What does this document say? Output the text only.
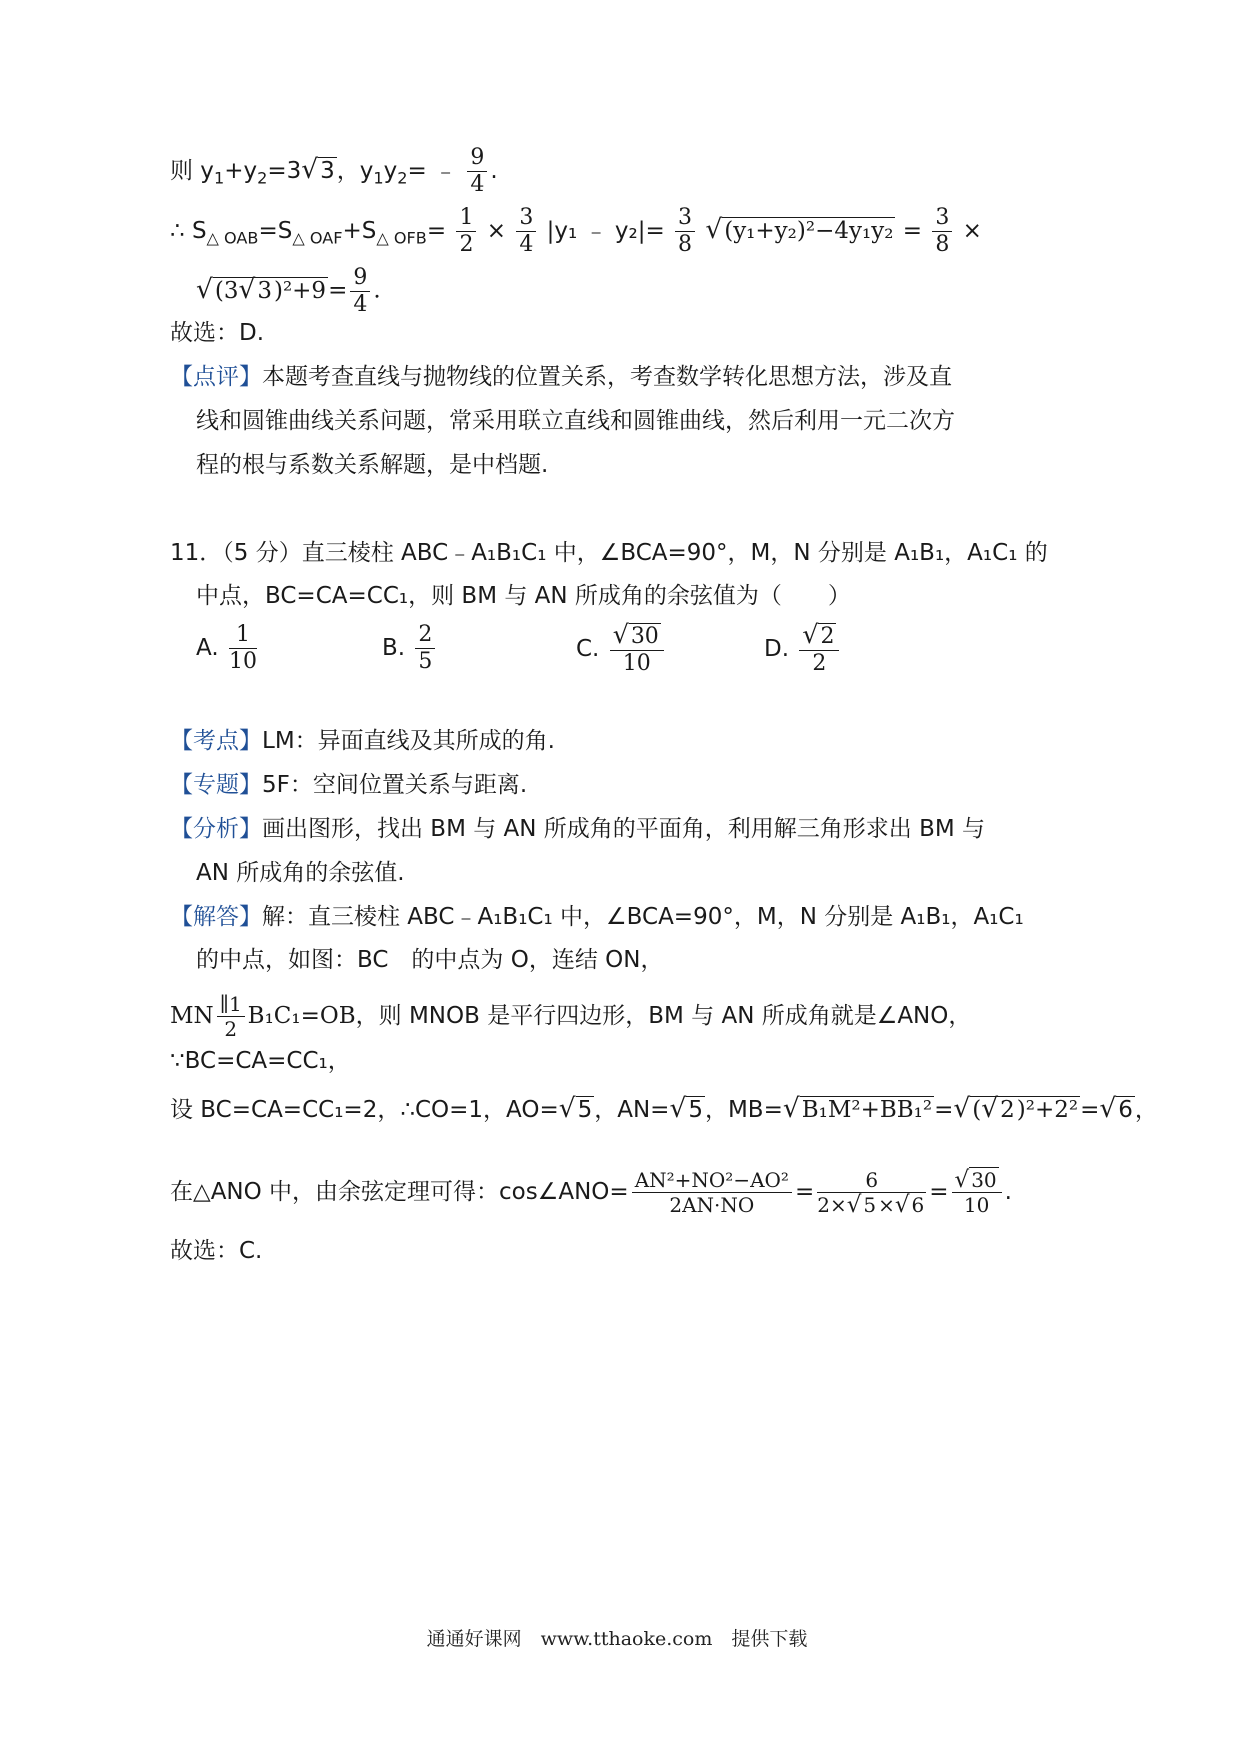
则 $y_1+y_2=3√3$，$y_1y_2=$ ﹣ $\frac{9}{4}$ .
∴ $S_{\triangle OAB}=S_{\triangle OAF}+S_{\triangle OFB}= \frac{1}{2} \times \frac{3}{4} |y_1$ ﹣ $y_2|= \frac{3}{8} √(y_1+y_2)^2-4y_1y_2 = \frac{3}{8}$ ×
$√(3√3)^2+9= \frac{9}{4}$ .
故选：D.
【点评】本题考查直线与抛物线的位置关系，考查数学转化思想方法，涉及直
线和圆锥曲线关系问题，常采用联立直线和圆锥曲线，然后利用一元二次方
程的根与系数关系解题，是中档题.
11．（5 分）直三棱柱 ABC﹣A₁B₁C₁ 中，∠BCA=90°，M，N 分别是 A₁B₁，A₁C₁ 的
中点，BC=CA=CC₁，则 BM 与 AN 所成角的余弦值为（　　）
A. $\frac{1}{10}$	B. $\frac{2}{5}$	C. $\frac{√30}{10}$	D. $\frac{√2}{2}$
【考点】LM：异面直线及其所成的角.
【专题】5F：空间位置关系与距离.
【分析】画出图形，找出 BM 与 AN 所成角的平面角，利用解三角形求出 BM 与
AN 所成角的余弦值.
【解答】解：直三棱柱 ABC﹣A₁B₁C₁ 中，∠BCA=90°，M，N 分别是 A₁B₁，A₁C₁
的中点，如图：BC　的中点为 O，连结 ON，
MN $\frac{\parallel 1}{2} B_1C_1=OB$，则 MNOB 是平行四边形，BM 与 AN 所成角就是∠ANO，
∵BC=CA=CC₁，
设 BC=CA=CC₁=2，∴CO=1，AO=√5，AN=√5，MB=√B₁M²+BB₁²=√(√2)²+2²=√6，
在△ANO 中，由余弦定理可得：cos∠ANO= $\frac{\text{AN²+NO²−AO²}}{2AN\cdot NO} = \frac{6}{2\times√ 5 \times√ 6} = \frac{√ 30}{10}$ .
故选：C.
通通好课网　www.tthaoke.com　提供下载
